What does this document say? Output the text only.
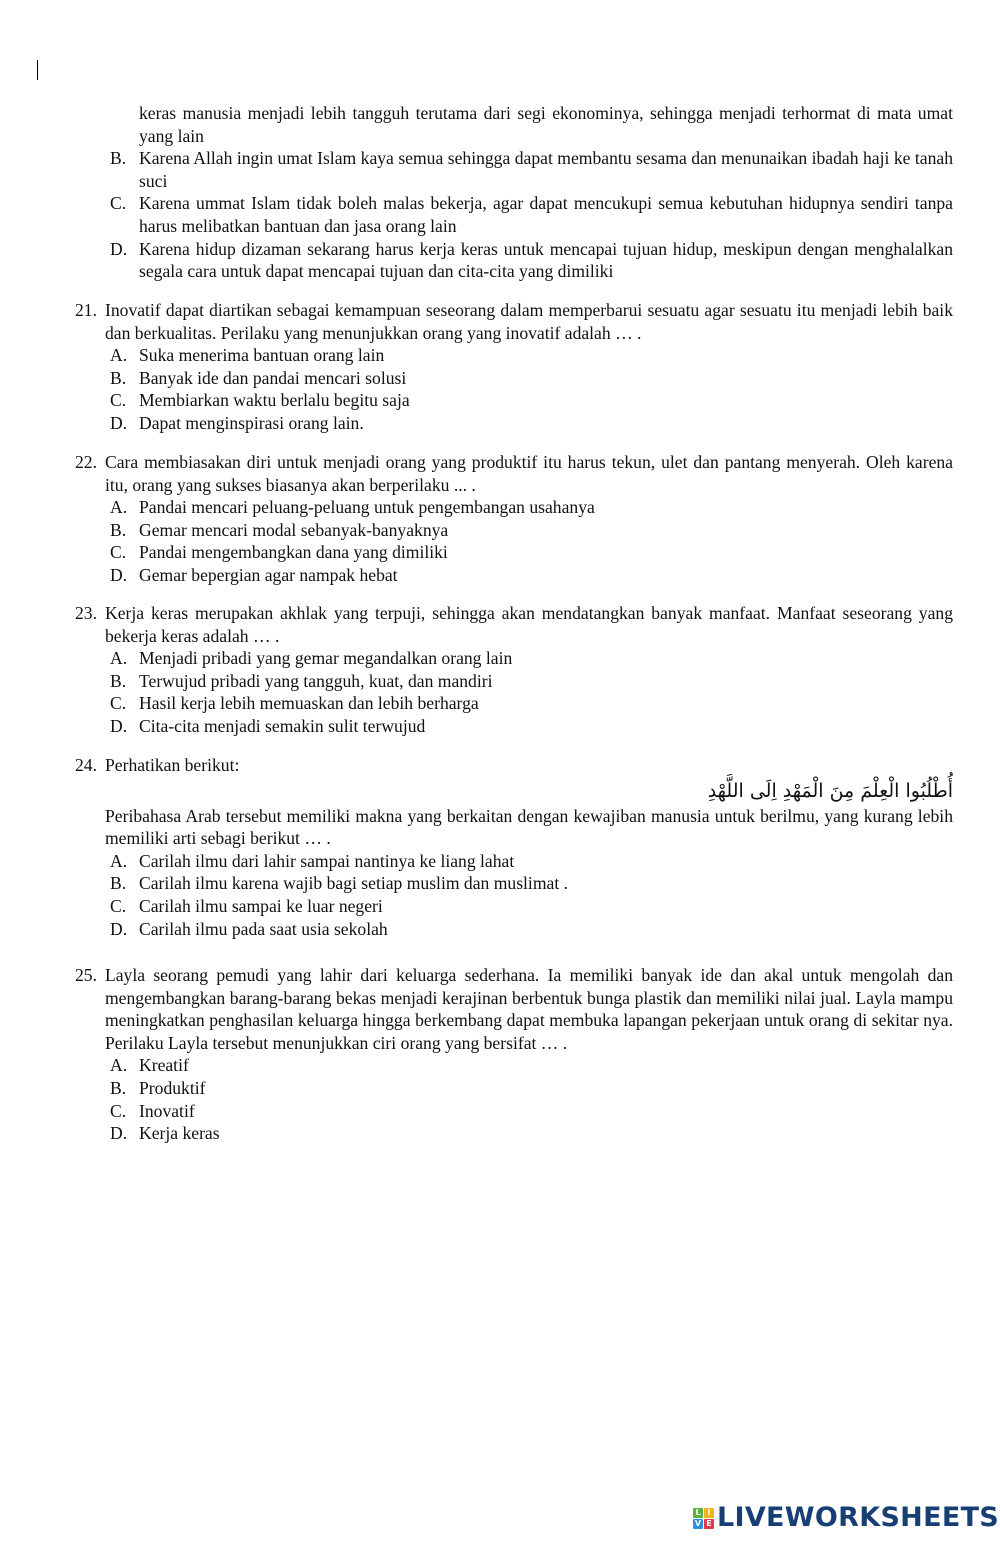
keras manusia menjadi lebih tangguh terutama dari segi ekonominya, sehingga menjadi terhormat di mata umat yang lain
B. Karena Allah ingin umat Islam kaya semua sehingga dapat membantu sesama dan menunaikan ibadah haji ke tanah suci
C. Karena ummat Islam tidak boleh malas bekerja, agar dapat mencukupi semua kebutuhan hidupnya sendiri tanpa harus melibatkan bantuan dan jasa orang lain
D. Karena hidup dizaman sekarang harus kerja keras untuk mencapai tujuan hidup, meskipun dengan menghalalkan segala cara untuk dapat mencapai tujuan dan cita-cita yang dimiliki
21. Inovatif dapat diartikan sebagai kemampuan seseorang dalam memperbarui sesuatu agar sesuatu itu menjadi lebih baik dan berkualitas. Perilaku yang menunjukkan orang yang inovatif adalah … .
A. Suka menerima bantuan orang lain
B. Banyak ide dan pandai mencari solusi
C. Membiarkan waktu berlalu begitu saja
D. Dapat menginspirasi orang lain.
22. Cara membiasakan diri untuk menjadi orang yang produktif itu harus tekun, ulet dan pantang menyerah. Oleh karena itu, orang yang sukses biasanya akan berperilaku ... .
A. Pandai mencari peluang-peluang untuk pengembangan usahanya
B. Gemar mencari modal sebanyak-banyaknya
C. Pandai mengembangkan dana yang dimiliki
D. Gemar bepergian agar nampak hebat
23. Kerja keras merupakan akhlak yang terpuji, sehingga akan mendatangkan banyak manfaat. Manfaat seseorang yang bekerja keras adalah … .
A. Menjadi pribadi yang gemar megandalkan orang lain
B. Terwujud pribadi yang tangguh, kuat, dan mandiri
C. Hasil kerja lebih memuaskan dan lebih berharga
D. Cita-cita menjadi semakin sulit terwujud
24. Perhatikan berikut:
أُطْلُبُوا الْعِلْمَ مِنَ الْمَهْدِ اِلَى اللَّهْدِ
Peribahasa Arab tersebut memiliki makna yang berkaitan dengan kewajiban manusia untuk berilmu, yang kurang lebih memiliki arti sebagi berikut … .
A. Carilah ilmu dari lahir sampai nantinya ke liang lahat
B. Carilah ilmu karena wajib bagi setiap muslim dan muslimat .
C. Carilah ilmu sampai ke luar negeri
D. Carilah ilmu pada saat usia sekolah
25. Layla seorang pemudi yang lahir dari keluarga sederhana. Ia memiliki banyak ide dan akal untuk mengolah dan mengembangkan barang-barang bekas menjadi kerajinan berbentuk bunga plastik dan memiliki nilai jual. Layla mampu meningkatkan penghasilan keluarga hingga berkembang dapat membuka lapangan pekerjaan untuk orang di sekitar nya. Perilaku Layla tersebut menunjukkan ciri orang yang bersifat … .
A. Kreatif
B. Produktif
C. Inovatif
D. Kerja keras
L I
V E LIVEWORKSHEETS
